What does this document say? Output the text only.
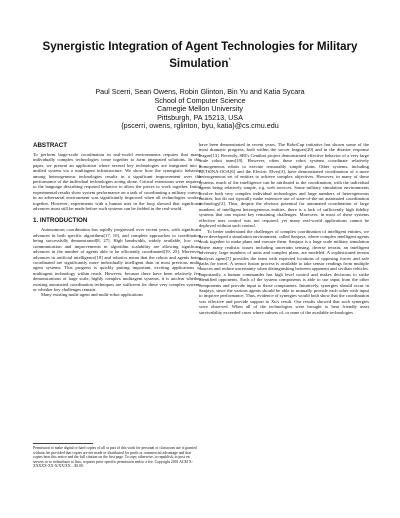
Synergistic Integration of Agent Technologies for Military
Simulation*
Paul Scerri, Sean Owens, Robin Glinton, Bin Yu and Katia Sycara
School of Computer Science
Carnegie Mellon University
Pittsburgh, PA 15213, USA
{pscerri, owens, rglinton, byu, katia}@cs.cmu.edu
ABSTRACT

To perform large-scale coordination in real-world environments requires that many individually complex technologies come together to form integrated solutions. In this paper, we present an application where several key technologies are integrated into a unified system via a multiagent infrastructure. We show how the synergistic behavior among heterogeneous technologies results in a significant improvement over the performance of the individual technologies acting alone. Critical extensions were required to the language describing required behavior to allow the pieces to work together. Initial experimental results show system performance on a task of coordinating a military convoy in an adversarial environment was significantly improved when all technologies worked together. However, experiments with a human user in the loop showed that significant advances must still be made before such systems can be fielded in the real-world.

1. INTRODUCTION

Autonomous coordination has rapidly progressed over recent years, with significant advances in both specific algorithms[17, 10], and complete approaches to coordination being successfully demonstrated[8, 27]. High bandwidth, widely available, low cost communication and improvements in algorithm scalability are allowing significant advances in the number of agents able to be efficiently coordinated[19, 25]. Moreover, advances in artificial intelligence[18] and robotics mean that the robots and agents being coordinated are significantly more individually intelligent than in most previous multi-agent systems. This progress is quickly putting important, exciting applications of multiagent technology within reach. However, because there have been relatively few demonstrations of large scale, highly complex multiagent systems, it is unclear whether existing automated coordination techniques are sufficient for these very complex systems or whether key challenges remain.

Many existing multi-agent and multi-robot applications

Permission to make digital or hard copies of all or part of this work for personal or classroom use is granted without fee provided that copies are not made or distributed for profit or commercial advantage and that copies bear this notice and the full citation on the first page. To copy otherwise, to republish, to post on servers or to redistribute to lists, requires prior specific permission and/or a fee. Copyright 2001 ACM X-XXXXX-XX-X/XX/XX ...$5.00.

have been demonstrated in recent years. The RoboCup initiative has shown some of the most dramatic progress, both within the soccer leagues[20] and in the disaster response league[13]. Recently, SRI's Centibot project demonstrated effective behavior of a very large scale robot team[19]. However, often these robot systems coordinate relatively homogeneous robots to execute reasonably simple plans. Other systems, including RETSINA-OOA[6] and the Electric Elves[3], have demonstrated coordination of a more heterogeneous set of entities to achieve complex objectives. However, in many of these systems, much of the intelligence can be attributed to the coordination, with the individual agents being relatively simple, e.g. web services. Some military simulation environments involve both very complex individual technologies and large numbers of heterogeneous entities, but do not typically make extensive use of state-of-the-art automated coordination technology[2]. Thus, despite the obvious potential for automated coordination of large numbers of intelligent heterogeneous entities, there is a lack of sufficiently high fidelity systems that can expose key remaining challenges. Moreover, in most of these systems effective user control was not required, yet many real-world applications cannot be deployed without such control.

To better understand the challenges of complex coordination of intelligent entities, we have developed a simulation environment, called Sanjaya, where complex intelligent agents work together to make plans and execute them. Sanjaya is a large scale military simulation where many realistic issues including uncertain sensing, diverse terrain, an intelligent adversary, large numbers of units and complex plans, are modeled. A sophisticated terrain analysis agent[7] provides the team with expected locations of opposing forces and safe paths for travel. A sensor fusion process is available to take sensor readings from multiple sources and reduce uncertainty when distinguishing between opponent and civilian vehicles. Importantly, a human commander has high level control and makes decisions to strike identified opponents. Each of the system components is able to use input from the other components and provide input to those components. Intuitively, synergies should occur in Sanjaya, since the various agents should be able to mutually provide each other with input to improve performance. Thus, evidence of synergies would both show that the coordination was effective and provide support to Xu's result. Our results showed that such synergies were observed. When all of the technologies were brought to bear friendly asset survivability exceeded cases where subsets of, or none of the available technologies
